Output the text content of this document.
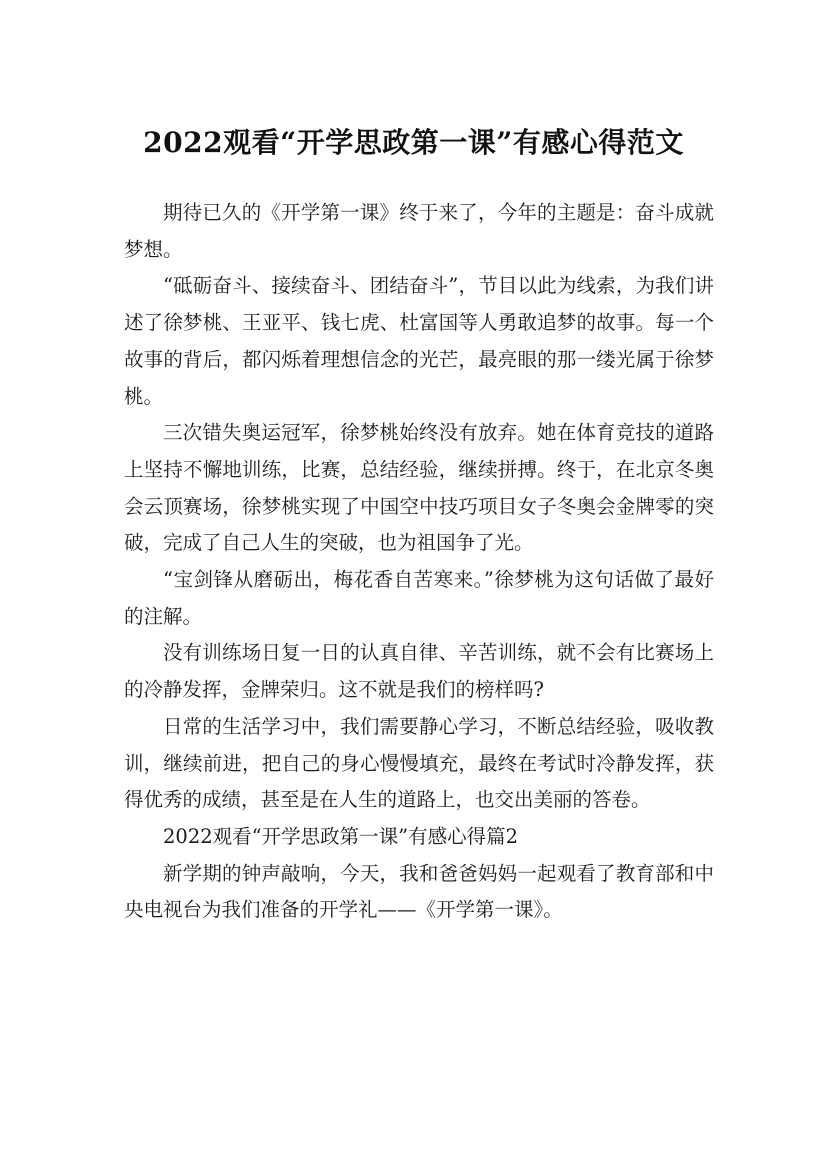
2022观看“开学思政第一课”有感心得范文

期待已久的《开学第一课》终于来了，今年的主题是：奋斗成就梦想。

“砥砺奋斗、接续奋斗、团结奋斗”，节目以此为线索，为我们讲述了徐梦桃、王亚平、钱七虎、杜富国等人勇敢追梦的故事。每一个故事的背后，都闪烁着理想信念的光芒，最亮眼的那一缕光属于徐梦桃。

三次错失奥运冠军，徐梦桃始终没有放弃。她在体育竞技的道路上坚持不懈地训练，比赛，总结经验，继续拼搏。终于，在北京冬奥会云顶赛场，徐梦桃实现了中国空中技巧项目女子冬奥会金牌零的突破，完成了自己人生的突破，也为祖国争了光。

“宝剑锋从磨砺出，梅花香自苦寒来。”徐梦桃为这句话做了最好的注解。

没有训练场日复一日的认真自律、辛苦训练，就不会有比赛场上的冷静发挥，金牌荣归。这不就是我们的榜样吗?

日常的生活学习中，我们需要静心学习，不断总结经验，吸收教训，继续前进，把自己的身心慢慢填充，最终在考试时冷静发挥，获得优秀的成绩，甚至是在人生的道路上，也交出美丽的答卷。

2022观看“开学思政第一课”有感心得篇2

新学期的钟声敲响，今天，我和爸爸妈妈一起观看了教育部和中央电视台为我们准备的开学礼——《开学第一课》。
